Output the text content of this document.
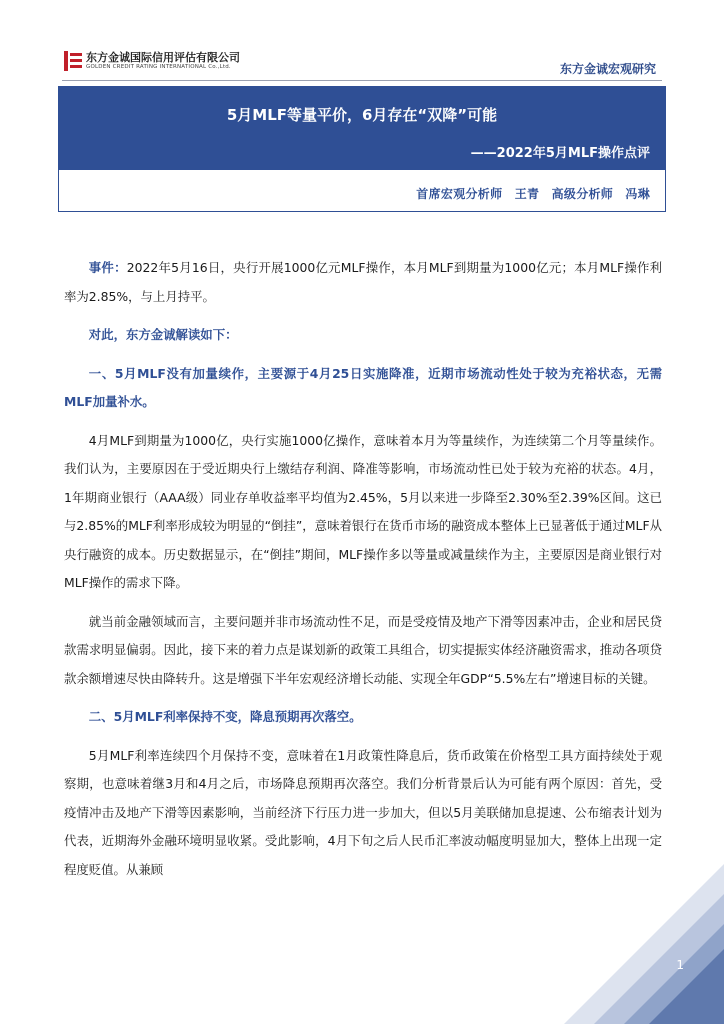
东方金诚国际信用评估有限公司
GOLDEN CREDIT RATING INTERNATIONAL Co.,Ltd.	东方金诚宏观研究
5月MLF等量平价，6月存在“双降”可能
——2022年5月MLF操作点评
首席宏观分析师　王青　高级分析师　冯琳

事件：2022年5月16日，央行开展1000亿元MLF操作，本月MLF到期量为1000亿元；本月MLF操作利率为2.85%，与上月持平。

对此，东方金诚解读如下：

一、5月MLF没有加量续作，主要源于4月25日实施降准，近期市场流动性处于较为充裕状态，无需MLF加量补水。

4月MLF到期量为1000亿，央行实施1000亿操作，意味着本月为等量续作，为连续第二个月等量续作。我们认为，主要原因在于受近期央行上缴结存利润、降准等影响，市场流动性已处于较为充裕的状态。4月，1年期商业银行（AAA级）同业存单收益率平均值为2.45%，5月以来进一步降至2.30%至2.39%区间。这已与2.85%的MLF利率形成较为明显的“倒挂”，意味着银行在货币市场的融资成本整体上已显著低于通过MLF从央行融资的成本。历史数据显示，在“倒挂”期间，MLF操作多以等量或减量续作为主，主要原因是商业银行对MLF操作的需求下降。

就当前金融领域而言，主要问题并非市场流动性不足，而是受疫情及地产下滑等因素冲击，企业和居民贷款需求明显偏弱。因此，接下来的着力点是谋划新的政策工具组合，切实提振实体经济融资需求，推动各项贷款余额增速尽快由降转升。这是增强下半年宏观经济增长动能、实现全年GDP“5.5%左右”增速目标的关键。

二、5月MLF利率保持不变，降息预期再次落空。

5月MLF利率连续四个月保持不变，意味着在1月政策性降息后，货币政策在价格型工具方面持续处于观察期，也意味着继3月和4月之后，市场降息预期再次落空。我们分析背景后认为可能有两个原因：首先，受疫情冲击及地产下滑等因素影响，当前经济下行压力进一步加大，但以5月美联储加息提速、公布缩表计划为代表，近期海外金融环境明显收紧。受此影响，4月下旬之后人民币汇率波动幅度明显加大，整体上出现一定程度贬值。从兼顾

1
